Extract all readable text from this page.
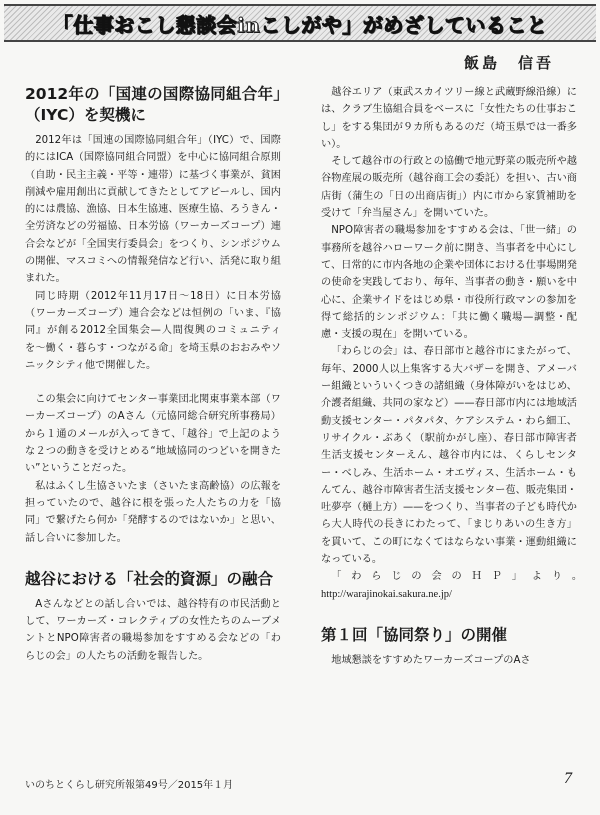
「仕事おこし懇談会inこしがや」がめざしていること
飯島　信吾
2012年の「国連の国際協同組合年」（IYC）を契機に

2012年は「国連の国際協同組合年」（IYC）で、国際的にはICA（国際協同組合同盟）を中心に協同組合原則（自助・民主主義・平等・連帯）に基づく事業が、貧困削減や雇用創出に貢献してきたとしてアピールし、国内的には農協、漁協、日本生協連、医療生協、ろうきん・全労済などの労福協、日本労協（ワーカーズコープ）連合会などが「全国実行委員会」をつくり、シンポジウムの開催、マスコミへの情報発信など行い、活発に取り組まれた。

同じ時期（2012年11月17日〜18日）に日本労協（ワーカーズコープ）連合会などは恒例の「いま、『協同』が創る2012全国集会—人間復興のコミュニティを〜働く・暮らす・つながる命」を埼玉県のおおみやソニックシティ他で開催した。

この集会に向けてセンター事業団北関東事業本部（ワーカーズコープ）のAさん（元協同総合研究所事務局）から１通のメールが入ってきて、「越谷」で上記のような２つの動きを受けとめる“地域協同のつどいを開きたい”ということだった。

私はふくし生協さいたま（さいたま高齢協）の広報を担っていたので、越谷に根を張った人たちの力を「協同」で繋げたら何か「発酵するのではないか」と思い、話し合いに参加した。

越谷における「社会的資源」の融合

Aさんなどとの話し合いでは、越谷特有の市民活動として、ワーカーズ・コレクティブの女性たちのムーブメントとNPO障害者の職場参加をすすめる会などの「わらじの会」の人たちの活動を報告した。

越谷エリア（東武スカイツリー線と武蔵野線沿線）には、クラブ生協組合員をベースに「女性たちの仕事おこし」をする集団が９カ所もあるのだ（埼玉県では一番多い）。

そして越谷市の行政との協働で地元野菜の販売所や越谷物産展の販売所（越谷商工会の委託）を担い、古い商店街（蒲生の「日の出商店街」）内に市から家賃補助を受けて「弁当屋さん」を開いていた。

NPO障害者の職場参加をすすめる会は、「世一緒」の事務所を越谷ハローワーク前に開き、当事者を中心にして、日常的に市内各地の企業や団体における仕事場開発の使命を実践しており、毎年、当事者の動き・願いを中心に、企業サイドをはじめ県・市役所行政マンの参加を得て総括的シンポジウム：「共に働く職場—調整・配慮・支援の現在」を開いている。

「わらじの会」は、春日部市と越谷市にまたがって、毎年、2000人以上集客する大バザーを開き、アメーバー組織といういくつきの諸組織（身体障がいをはじめ、介護者組織、共同の家など）——春日部市内には地域活動支援センター・パタパタ、ケアシステム・わら細工、リサイクル・ぶあく（駅前かがし座）、春日部市障害者生活支援センターえん、越谷市内には、くらしセンター・べしみ、生活ホーム・オエヴィス、生活ホーム・もんてん、越谷市障害者生活支援センター苞、販売集団・吐夢亭（樋上方）——をつくり、当事者の子ども時代から大人時代の長きにわたって、「まじりあいの生き方」を貫いて、この町になくてはならない事業・運動組織になっている。

「わらじの会のＨＰ」より。　http://warajinokai.sakura.ne.jp/

第１回「協同祭り」の開催

地域懇談をすすめたワーカーズコープのAさ

いのちとくらし研究所報第49号／2015年１月	7
